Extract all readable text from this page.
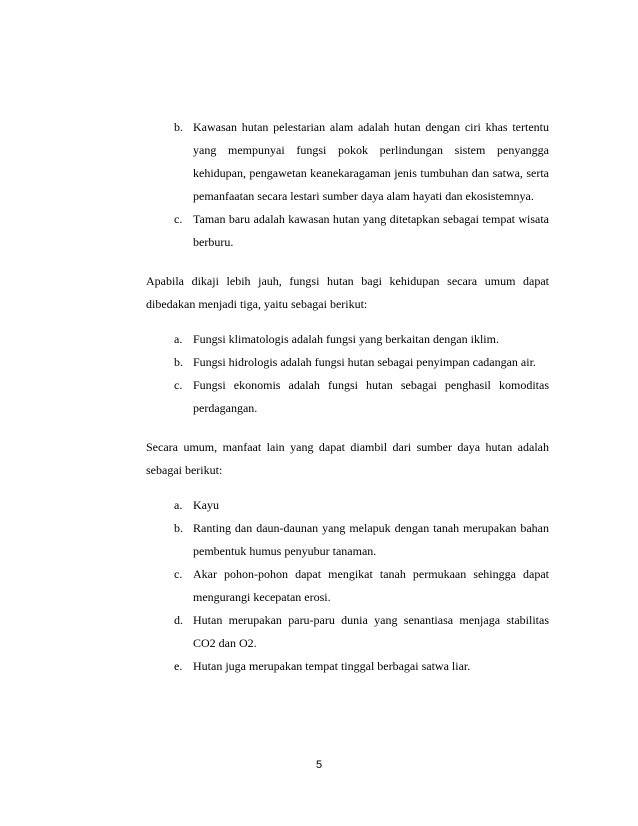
b. Kawasan hutan pelestarian alam adalah hutan dengan ciri khas tertentu yang mempunyai fungsi pokok perlindungan sistem penyangga kehidupan, pengawetan keanekaragaman jenis tumbuhan dan satwa, serta pemanfaatan secara lestari sumber daya alam hayati dan ekosistemnya.
c. Taman baru adalah kawasan hutan yang ditetapkan sebagai tempat wisata berburu.

Apabila dikaji lebih jauh, fungsi hutan bagi kehidupan secara umum dapat dibedakan menjadi tiga, yaitu sebagai berikut:

a. Fungsi klimatologis adalah fungsi yang berkaitan dengan iklim.
b. Fungsi hidrologis adalah fungsi hutan sebagai penyimpan cadangan air.
c. Fungsi ekonomis adalah fungsi hutan sebagai penghasil komoditas perdagangan.

Secara umum, manfaat lain yang dapat diambil dari sumber daya hutan adalah sebagai berikut:

a. Kayu
b. Ranting dan daun-daunan yang melapuk dengan tanah merupakan bahan pembentuk humus penyubur tanaman.
c. Akar pohon-pohon dapat mengikat tanah permukaan sehingga dapat mengurangi kecepatan erosi.
d. Hutan merupakan paru-paru dunia yang senantiasa menjaga stabilitas CO2 dan O2.
e. Hutan juga merupakan tempat tinggal berbagai satwa liar.
5
